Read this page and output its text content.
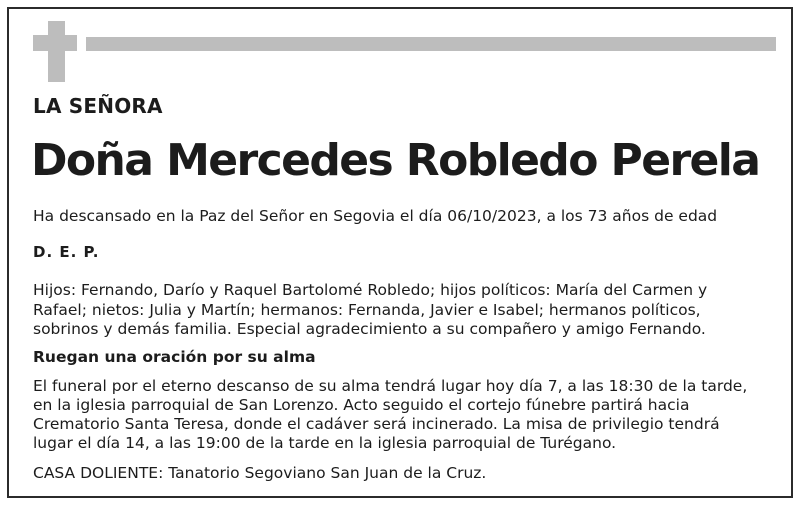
LA SEÑORA
Doña Mercedes Robledo Perela
Ha descansado en la Paz del Señor en Segovia el día 06/10/2023, a los 73 años de edad
D. E. P.
Hijos: Fernando, Darío y Raquel Bartolomé Robledo; hijos políticos: María del Carmen y
Rafael; nietos: Julia y Martín; hermanos: Fernanda, Javier e Isabel; hermanos políticos,
sobrinos y demás familia. Especial agradecimiento a su compañero y amigo Fernando.
Ruegan una oración por su alma
El funeral por el eterno descanso de su alma tendrá lugar hoy día 7, a las 18:30 de la tarde,
en la iglesia parroquial de San Lorenzo. Acto seguido el cortejo fúnebre partirá hacia
Crematorio Santa Teresa, donde el cadáver será incinerado. La misa de privilegio tendrá
lugar el día 14, a las 19:00 de la tarde en la iglesia parroquial de Turégano.
CASA DOLIENTE: Tanatorio Segoviano San Juan de la Cruz.
